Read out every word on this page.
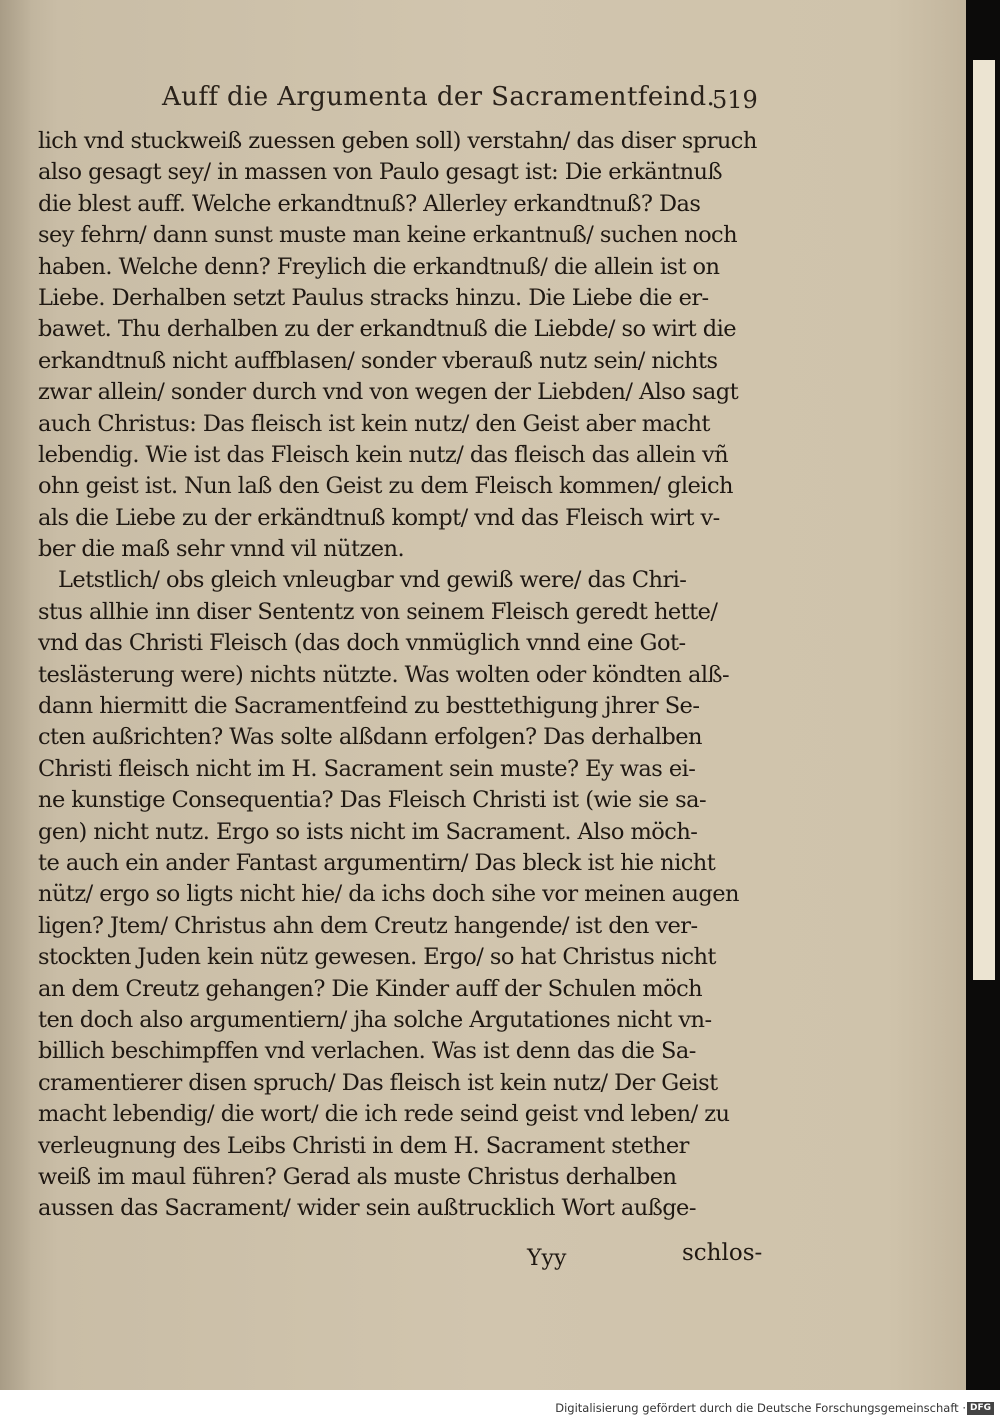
Auff die Argumenta der Sacramentfeind.
519
lich vnd stuckweiß zuessen geben soll) verstahn/ das diser spruch
also gesagt sey/ in massen von Paulo gesagt ist: Die erkäntnuß
die blest auff. Welche erkandtnuß? Allerley erkandtnuß? Das
sey fehrn/ dann sunst muste man keine erkantnuß/ suchen noch
haben. Welche denn? Freylich die erkandtnuß/ die allein ist on
Liebe. Derhalben setzt Paulus stracks hinzu. Die Liebe die er-
bawet. Thu derhalben zu der erkandtnuß die Liebde/ so wirt die
erkandtnuß nicht auffblasen/ sonder vberauß nutz sein/ nichts
zwar allein/ sonder durch vnd von wegen der Liebden/ Also sagt
auch Christus: Das fleisch ist kein nutz/ den Geist aber macht
lebendig. Wie ist das Fleisch kein nutz/ das fleisch das allein vñ
ohn geist ist. Nun laß den Geist zu dem Fleisch kommen/ gleich
als die Liebe zu der erkändtnuß kompt/ vnd das Fleisch wirt v-
ber die maß sehr vnnd vil nützen.
Letstlich/ obs gleich vnleugbar vnd gewiß were/ das Chri-
stus allhie inn diser Sententz von seinem Fleisch geredt hette/
vnd das Christi Fleisch (das doch vnmüglich vnnd eine Got-
teslästerung were) nichts nützte. Was wolten oder köndten alß-
dann hiermitt die Sacramentfeind zu besttethigung jhrer Se-
cten außrichten? Was solte alßdann erfolgen? Das derhalben
Christi fleisch nicht im H. Sacrament sein muste? Ey was ei-
ne kunstige Consequentia? Das Fleisch Christi ist (wie sie sa-
gen) nicht nutz. Ergo so ists nicht im Sacrament. Also möch-
te auch ein ander Fantast argumentirn/ Das bleck ist hie nicht
nütz/ ergo so ligts nicht hie/ da ichs doch sihe vor meinen augen
ligen? Jtem/ Christus ahn dem Creutz hangende/ ist den ver-
stockten Juden kein nütz gewesen. Ergo/ so hat Christus nicht
an dem Creutz gehangen? Die Kinder auff der Schulen möch
ten doch also argumentiern/ jha solche Argutationes nicht vn-
billich beschimpffen vnd verlachen. Was ist denn das die Sa-
cramentierer disen spruch/ Das fleisch ist kein nutz/ Der Geist
macht lebendig/ die wort/ die ich rede seind geist vnd leben/ zu
verleugnung des Leibs Christi in dem H. Sacrament stether
weiß im maul führen? Gerad als muste Christus derhalben
aussen das Sacrament/ wider sein außtrucklich Wort außge-
Yyy	schlos-
Digitalisierung gefördert durch die Deutsche Forschungsgemeinschaft · DFG
